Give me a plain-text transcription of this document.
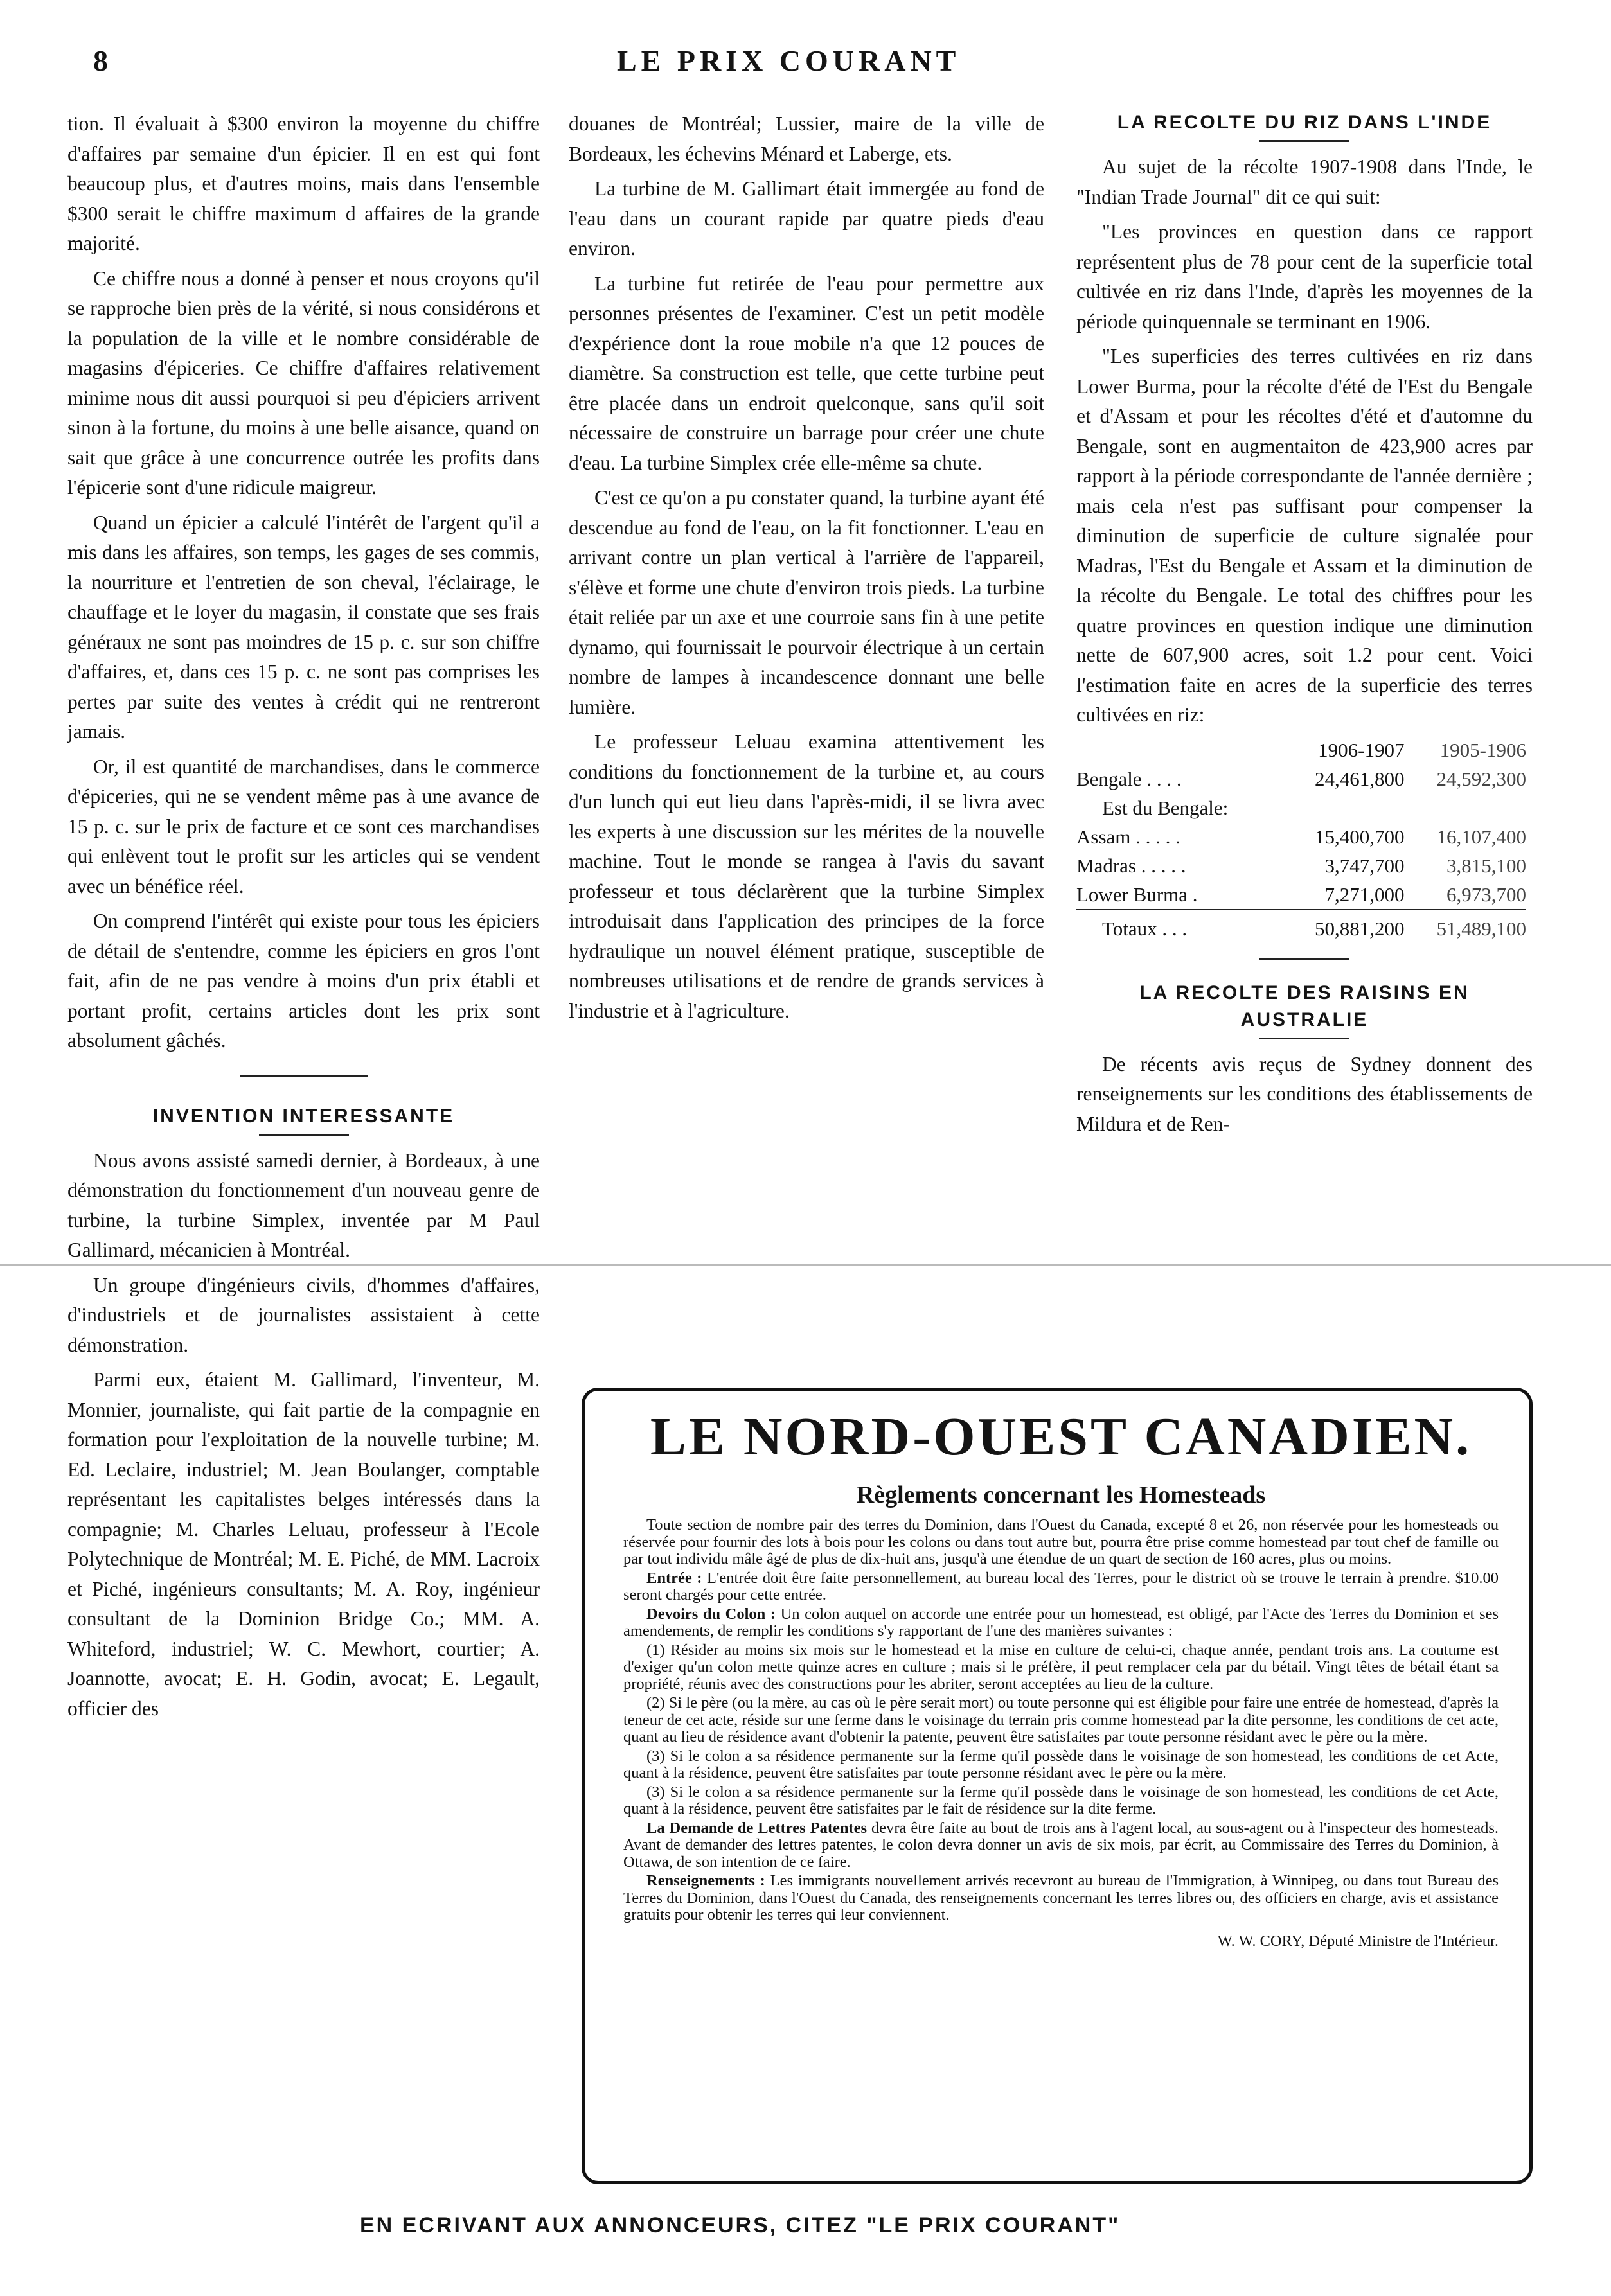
8	LE PRIX COURANT

tion. Il évaluait à $300 environ la moyenne du chiffre d'affaires par semaine d'un épicier. Il en est qui font beaucoup plus, et d'autres moins, mais dans l'ensemble $300 serait le chiffre maximum d affaires de la grande majorité.

Ce chiffre nous a donné à penser et nous croyons qu'il se rapproche bien près de la vérité, si nous considérons et la population de la ville et le nombre considérable de magasins d'épiceries. Ce chiffre d'affaires relativement minime nous dit aussi pourquoi si peu d'épiciers arrivent sinon à la fortune, du moins à une belle aisance, quand on sait que grâce à une concurrence outrée les profits dans l'épicerie sont d'une ridicule maigreur.

Quand un épicier a calculé l'intérêt de l'argent qu'il a mis dans les affaires, son temps, les gages de ses commis, la nourriture et l'entretien de son cheval, l'éclairage, le chauffage et le loyer du magasin, il constate que ses frais généraux ne sont pas moindres de 15 p. c. sur son chiffre d'affaires, et, dans ces 15 p. c. ne sont pas comprises les pertes par suite des ventes à crédit qui ne rentreront jamais.

Or, il est quantité de marchandises, dans le commerce d'épiceries, qui ne se vendent même pas à une avance de 15 p. c. sur le prix de facture et ce sont ces marchandises qui enlèvent tout le profit sur les articles qui se vendent avec un bénéfice réel.

On comprend l'intérêt qui existe pour tous les épiciers de détail de s'entendre, comme les épiciers en gros l'ont fait, afin de ne pas vendre à moins d'un prix établi et portant profit, certains articles dont les prix sont absolument gâchés.

INVENTION INTERESSANTE

Nous avons assisté samedi dernier, à Bordeaux, à une démonstration du fonctionnement d'un nouveau genre de turbine, la turbine Simplex, inventée par M Paul Gallimard, mécanicien à Montréal.

Un groupe d'ingénieurs civils, d'hommes d'affaires, d'industriels et de journalistes assistaient à cette démonstration.

Parmi eux, étaient M. Gallimard, l'inventeur, M. Monnier, journaliste, qui fait partie de la compagnie en formation pour l'exploitation de la nouvelle turbine; M. Ed. Leclaire, industriel; M. Jean Boulanger, comptable représentant les capitalistes belges intéressés dans la compagnie; M. Charles Leluau, professeur à l'Ecole Polytechnique de Montréal; M. E. Piché, de MM. Lacroix et Piché, ingénieurs consultants; M. A. Roy, ingénieur consultant de la Dominion Bridge Co.; MM. A. Whiteford, industriel; W. C. Mewhort, courtier; A. Joannotte, avocat; E. H. Godin, avocat; E. Legault, officier des

douanes de Montréal; Lussier, maire de la ville de Bordeaux, les échevins Ménard et Laberge, ets.

La turbine de M. Gallimart était immergée au fond de l'eau dans un courant rapide par quatre pieds d'eau environ.

La turbine fut retirée de l'eau pour permettre aux personnes présentes de l'examiner. C'est un petit modèle d'expérience dont la roue mobile n'a que 12 pouces de diamètre. Sa construction est telle, que cette turbine peut être placée dans un endroit quelconque, sans qu'il soit nécessaire de construire un barrage pour créer une chute d'eau. La turbine Simplex crée elle-même sa chute.

C'est ce qu'on a pu constater quand, la turbine ayant été descendue au fond de l'eau, on la fit fonctionner. L'eau en arrivant contre un plan vertical à l'arrière de l'appareil, s'élève et forme une chute d'environ trois pieds. La turbine était reliée par un axe et une courroie sans fin à une petite dynamo, qui fournissait le pourvoir électrique à un certain nombre de lampes à incandescence donnant une belle lumière.

Le professeur Leluau examina attentivement les conditions du fonctionnement de la turbine et, au cours d'un lunch qui eut lieu dans l'après-midi, il se livra avec les experts à une discussion sur les mérites de la nouvelle machine. Tout le monde se rangea à l'avis du savant professeur et tous déclarèrent que la turbine Simplex introduisait dans l'application des principes de la force hydraulique un nouvel élément pratique, susceptible de nombreuses utilisations et de rendre de grands services à l'industrie et à l'agriculture.

LA RECOLTE DU RIZ DANS L'INDE

Au sujet de la récolte 1907-1908 dans l'Inde, le "Indian Trade Journal" dit ce qui suit:

"Les provinces en question dans ce rapport représentent plus de 78 pour cent de la superficie total cultivée en riz dans l'Inde, d'après les moyennes de la période quinquennale se terminant en 1906.

"Les superficies des terres cultivées en riz dans Lower Burma, pour la récolte d'été de l'Est du Bengale et d'Assam et pour les récoltes d'été et d'automne du Bengale, sont en augmentaiton de 423,900 acres par rapport à la période correspondante de l'année dernière ; mais cela n'est pas suffisant pour compenser la diminution de superficie de culture signalée pour Madras, l'Est du Bengale et Assam et la diminution de la récolte du Bengale. Le total des chiffres pour les quatre provinces en question indique une diminution nette de 607,900 acres, soit 1.2 pour cent. Voici l'estimation faite en acres de la superficie des terres cultivées en riz:

	1906-1907	1905-1906
Bengale . . . .	24,461,800	24,592,300
Est du Bengale:		
Assam . . . . .	15,400,700	16,107,400
Madras . . . . .	3,747,700	3,815,100
Lower Burma .	7,271,000	6,973,700
Totaux . . .	50,881,200	51,489,100
LA RECOLTE DES RAISINS EN AUSTRALIE

De récents avis reçus de Sydney donnent des renseignements sur les conditions des établissements de Mildura et de Ren-

LE NORD-OUEST CANADIEN.
Règlements concernant les Homesteads

Toute section de nombre pair des terres du Dominion, dans l'Ouest du Canada, excepté 8 et 26, non réservée pour les homesteads ou réservée pour fournir des lots à bois pour les colons ou dans tout autre but, pourra être prise comme homestead par tout chef de famille ou par tout individu mâle âgé de plus de dix-huit ans, jusqu'à une étendue de un quart de section de 160 acres, plus ou moins.

Entrée : L'entrée doit être faite personnellement, au bureau local des Terres, pour le district où se trouve le terrain à prendre. $10.00 seront chargés pour cette entrée.

Devoirs du Colon : Un colon auquel on accorde une entrée pour un homestead, est obligé, par l'Acte des Terres du Dominion et ses amendements, de remplir les conditions s'y rapportant de l'une des manières suivantes :

(1) Résider au moins six mois sur le homestead et la mise en culture de celui-ci, chaque année, pendant trois ans. La coutume est d'exiger qu'un colon mette quinze acres en culture ; mais si le préfère, il peut remplacer cela par du bétail. Vingt têtes de bétail étant sa propriété, réunis avec des constructions pour les abriter, seront acceptées au lieu de la culture.

(2) Si le père (ou la mère, au cas où le père serait mort) ou toute personne qui est éligible pour faire une entrée de homestead, d'après la teneur de cet acte, réside sur une ferme dans le voisinage du terrain pris comme homestead par la dite personne, les conditions de cet acte, quant au lieu de résidence avant d'obtenir la patente, peuvent être satisfaites par toute personne résidant avec le père ou la mère.

(3) Si le colon a sa résidence permanente sur la ferme qu'il possède dans le voisinage de son homestead, les conditions de cet Acte, quant à la résidence, peuvent être satisfaites par toute personne résidant avec le père ou la mère.

(3) Si le colon a sa résidence permanente sur la ferme qu'il possède dans le voisinage de son homestead, les conditions de cet Acte, quant à la résidence, peuvent être satisfaites par le fait de résidence sur la dite ferme.

La Demande de Lettres Patentes devra être faite au bout de trois ans à l'agent local, au sous-agent ou à l'inspecteur des homesteads. Avant de demander des lettres patentes, le colon devra donner un avis de six mois, par écrit, au Commissaire des Terres du Dominion, à Ottawa, de son intention de ce faire.

Renseignements : Les immigrants nouvellement arrivés recevront au bureau de l'Immigration, à Winnipeg, ou dans tout Bureau des Terres du Dominion, dans l'Ouest du Canada, des renseignements concernant les terres libres ou, des officiers en charge, avis et assistance gratuits pour obtenir les terres qui leur conviennent.

W. W. CORY, Député Ministre de l'Intérieur.

EN ECRIVANT AUX ANNONCEURS, CITEZ "LE PRIX COURANT"
